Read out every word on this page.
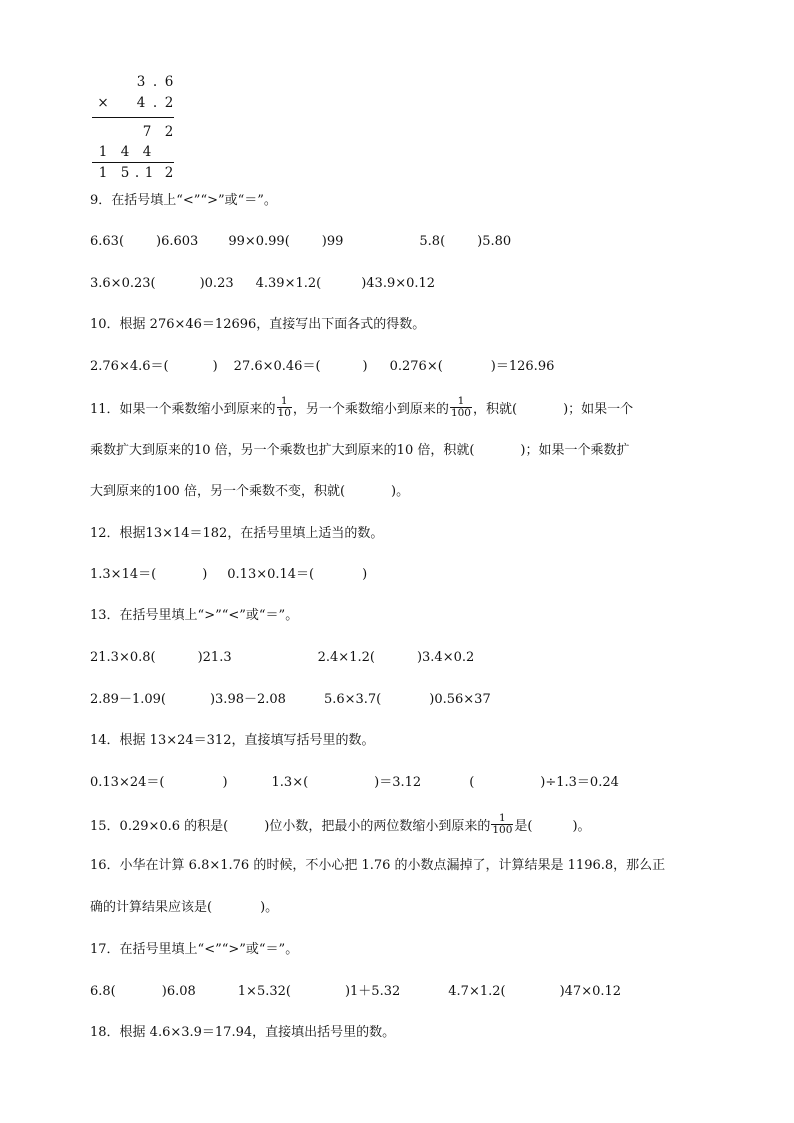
3 . 6
× 4 . 2
7 2
1 4 4
1 5 . 1 2
9．在括号填上“<”“>”或“＝”。
6.63( )6.603 99×0.99( )99	5.8( )5.80
3.6×0.23(	)0.23 4.39×1.2(	)43.9×0.12
10．根据 276×46＝12696，直接写出下面各式的得数。
2.76×4.6＝(	) 27.6×0.46＝(	) 0.276×(	)＝126.96
11．如果一个乘数缩小到原来的 $\frac{1}{10}$ ，另一个乘数缩小到原来的 $\frac{1}{100}$ ，积就(	)；如果一个
乘数扩大到原来的10 倍，另一个乘数也扩大到原来的10 倍，积就(	)；如果一个乘数扩
大到原来的100 倍，另一个乘数不变，积就(	)。
12．根据13×14＝182，在括号里填上适当的数。
1.3×14＝(	) 0.13×0.14＝(	)
13．在括号里填上“>”“<”或“＝”。
21.3×0.8(	)21.3	2.4×1.2(	)3.4×0.2
2.89－1.09(	)3.98－2.08	5.6×3.7(	)0.56×37
14．根据 13×24＝312，直接填写括号里的数。
0.13×24＝(	)	1.3×(	)＝3.12	(	)÷1.3＝0.24
15．0.29×0.6 的积是(	)位小数，把最小的两位数缩小到原来的 $\frac{1}{100}$ 是(	)。
16．小华在计算 6.8×1.76 的时候，不小心把 1.76 的小数点漏掉了，计算结果是 1196.8，那么正
确的计算结果应该是(	)。
17．在括号里填上“<”“>”或“＝”。
6.8(	)6.08	1×5.32(	)1＋5.32	4.7×1.2(	)47×0.12
18．根据 4.6×3.9＝17.94，直接填出括号里的数。
